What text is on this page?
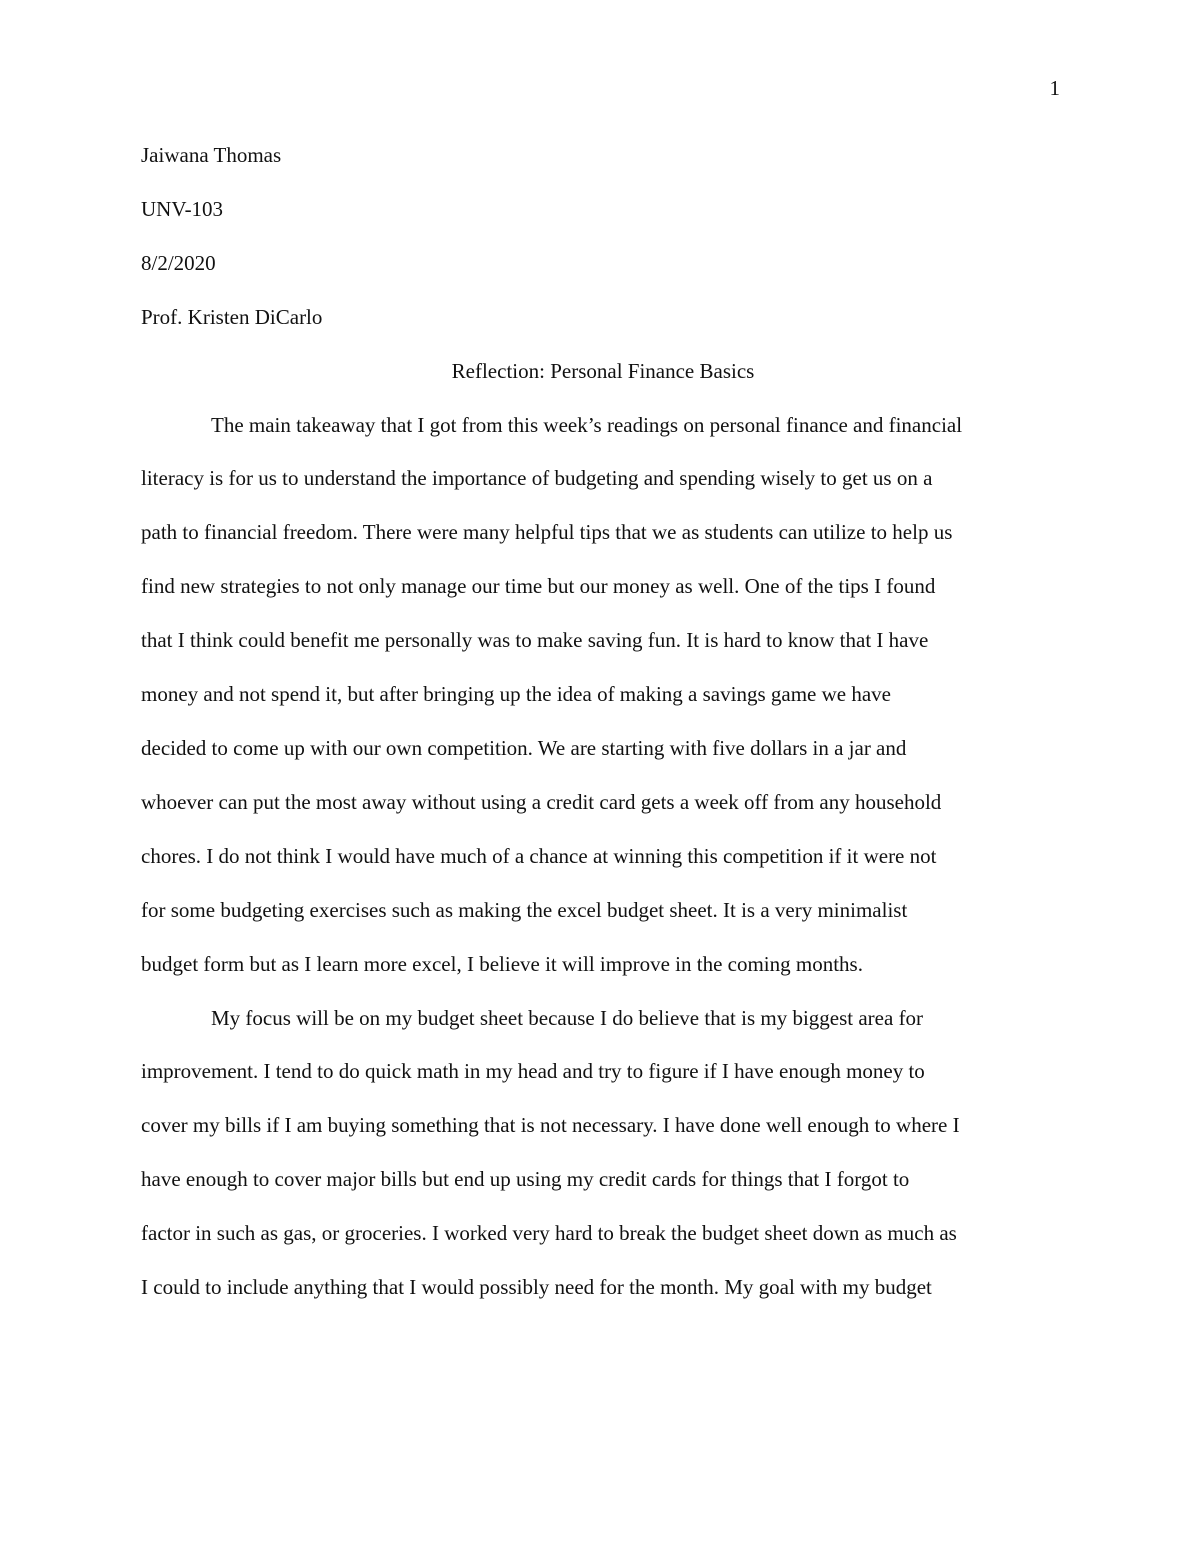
1

Jaiwana Thomas

UNV-103

8/2/2020

Prof. Kristen DiCarlo

Reflection: Personal Finance Basics

The main takeaway that I got from this week’s readings on personal finance and financial
literacy is for us to understand the importance of budgeting and spending wisely to get us on a
path to financial freedom. There were many helpful tips that we as students can utilize to help us
find new strategies to not only manage our time but our money as well. One of the tips I found
that I think could benefit me personally was to make saving fun. It is hard to know that I have
money and not spend it, but after bringing up the idea of making a savings game we have
decided to come up with our own competition. We are starting with five dollars in a jar and
whoever can put the most away without using a credit card gets a week off from any household
chores. I do not think I would have much of a chance at winning this competition if it were not
for some budgeting exercises such as making the excel budget sheet. It is a very minimalist
budget form but as I learn more excel, I believe it will improve in the coming months.
My focus will be on my budget sheet because I do believe that is my biggest area for
improvement. I tend to do quick math in my head and try to figure if I have enough money to
cover my bills if I am buying something that is not necessary. I have done well enough to where I
have enough to cover major bills but end up using my credit cards for things that I forgot to
factor in such as gas, or groceries. I worked very hard to break the budget sheet down as much as
I could to include anything that I would possibly need for the month. My goal with my budget
